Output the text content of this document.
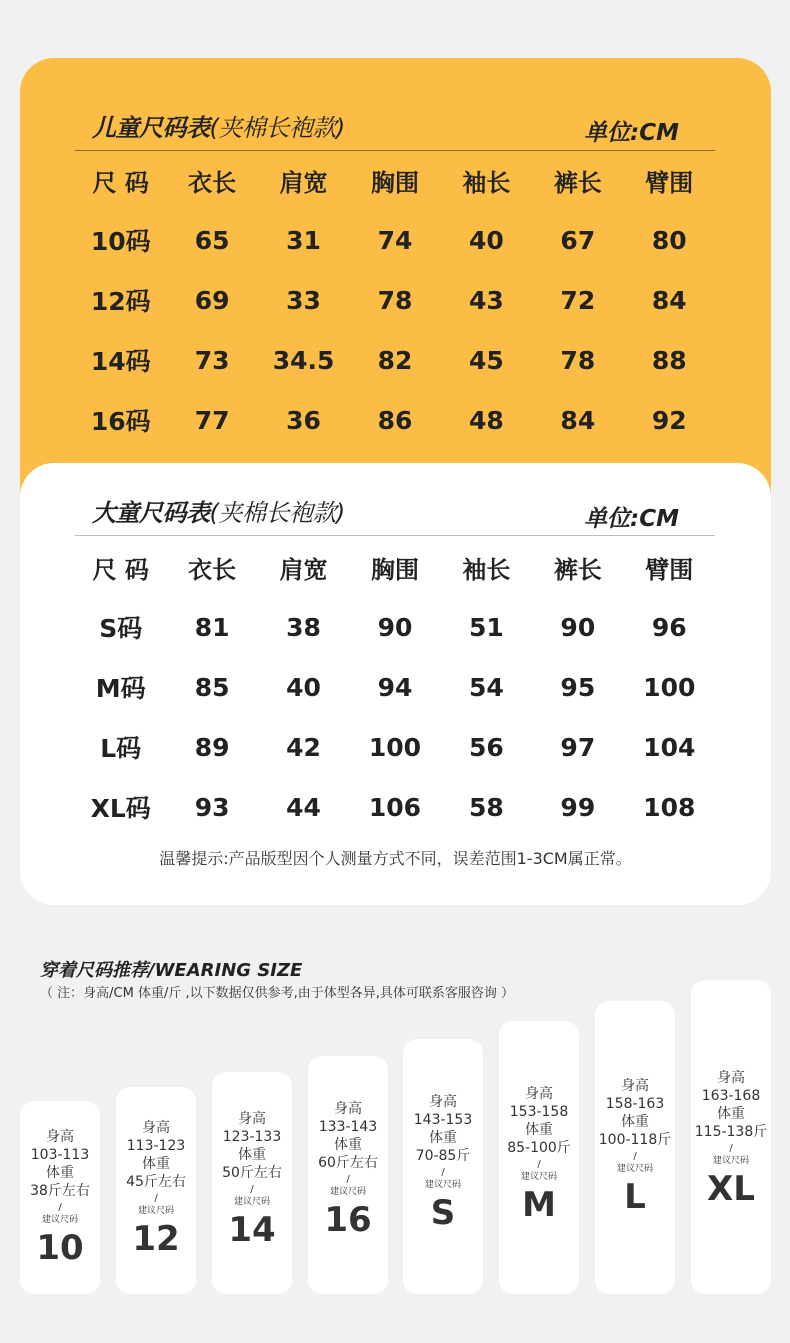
儿童尺码表(夹棉长袍款)	单位:CM
尺 码	衣长	肩宽	胸围	袖长	裤长	臂围
10码	65	31	74	40	67	80
12码	69	33	78	43	72	84
14码	73	34.5	82	45	78	88
16码	77	36	86	48	84	92
大童尺码表(夹棉长袍款)	单位:CM
尺 码	衣长	肩宽	胸围	袖长	裤长	臂围
S码	81	38	90	51	90	96
M码	85	40	94	54	95	100
L码	89	42	100	56	97	104
XL码	93	44	106	58	99	108
温馨提示:产品版型因个人测量方式不同，误差范围1-3CM属正常。
穿着尺码推荐/WEARING SIZE
（ 注：身高/CM 体重/斤 ,以下数据仅供参考,由于体型各异,具体可联系客服咨询 ）
身高
103-113
体重
38斤左右
/
建议尺码
10
身高
113-123
体重
45斤左右
/
建议尺码
12
身高
123-133
体重
50斤左右
/
建议尺码
14
身高
133-143
体重
60斤左右
/
建议尺码
16
身高
143-153
体重
70-85斤
/
建议尺码
S
身高
153-158
体重
85-100斤
/
建议尺码
M
身高
158-163
体重
100-118斤
/
建议尺码
L
身高
163-168
体重
115-138斤
/
建议尺码
XL
